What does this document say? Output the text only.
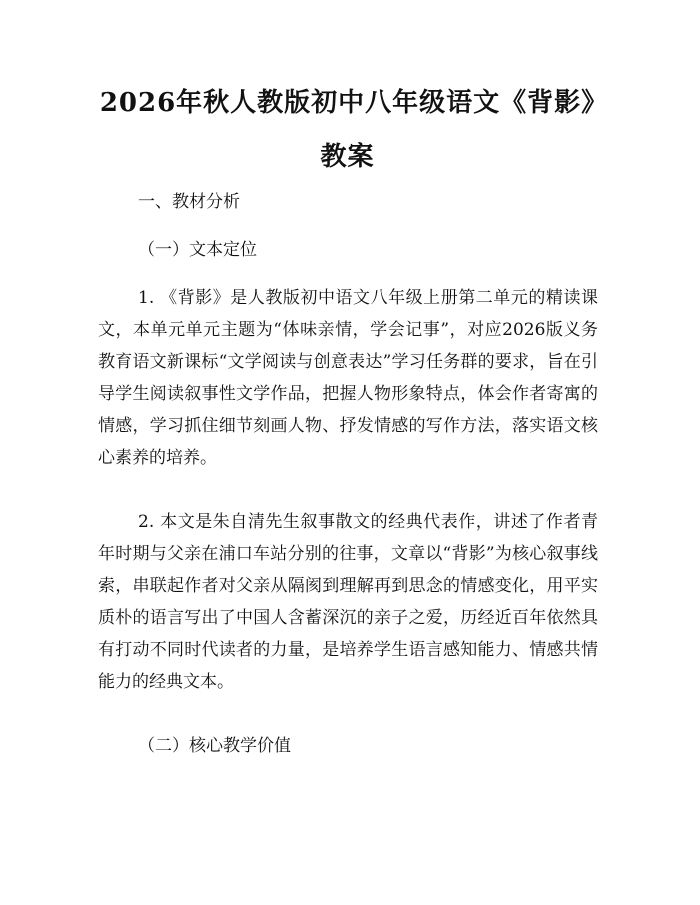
2026年秋人教版初中八年级语文《背影》教案

一、教材分析

（一）文本定位

1. 《背影》是人教版初中语文八年级上册第二单元的精读课文，本单元单元主题为“体味亲情，学会记事”，对应2026版义务教育语文新课标“文学阅读与创意表达”学习任务群的要求，旨在引导学生阅读叙事性文学作品，把握人物形象特点，体会作者寄寓的情感，学习抓住细节刻画人物、抒发情感的写作方法，落实语文核心素养的培养。

2. 本文是朱自清先生叙事散文的经典代表作，讲述了作者青年时期与父亲在浦口车站分别的往事，文章以“背影”为核心叙事线索，串联起作者对父亲从隔阂到理解再到思念的情感变化，用平实质朴的语言写出了中国人含蓄深沉的亲子之爱，历经近百年依然具有打动不同时代读者的力量，是培养学生语言感知能力、情感共情能力的经典文本。

（二）核心教学价值
